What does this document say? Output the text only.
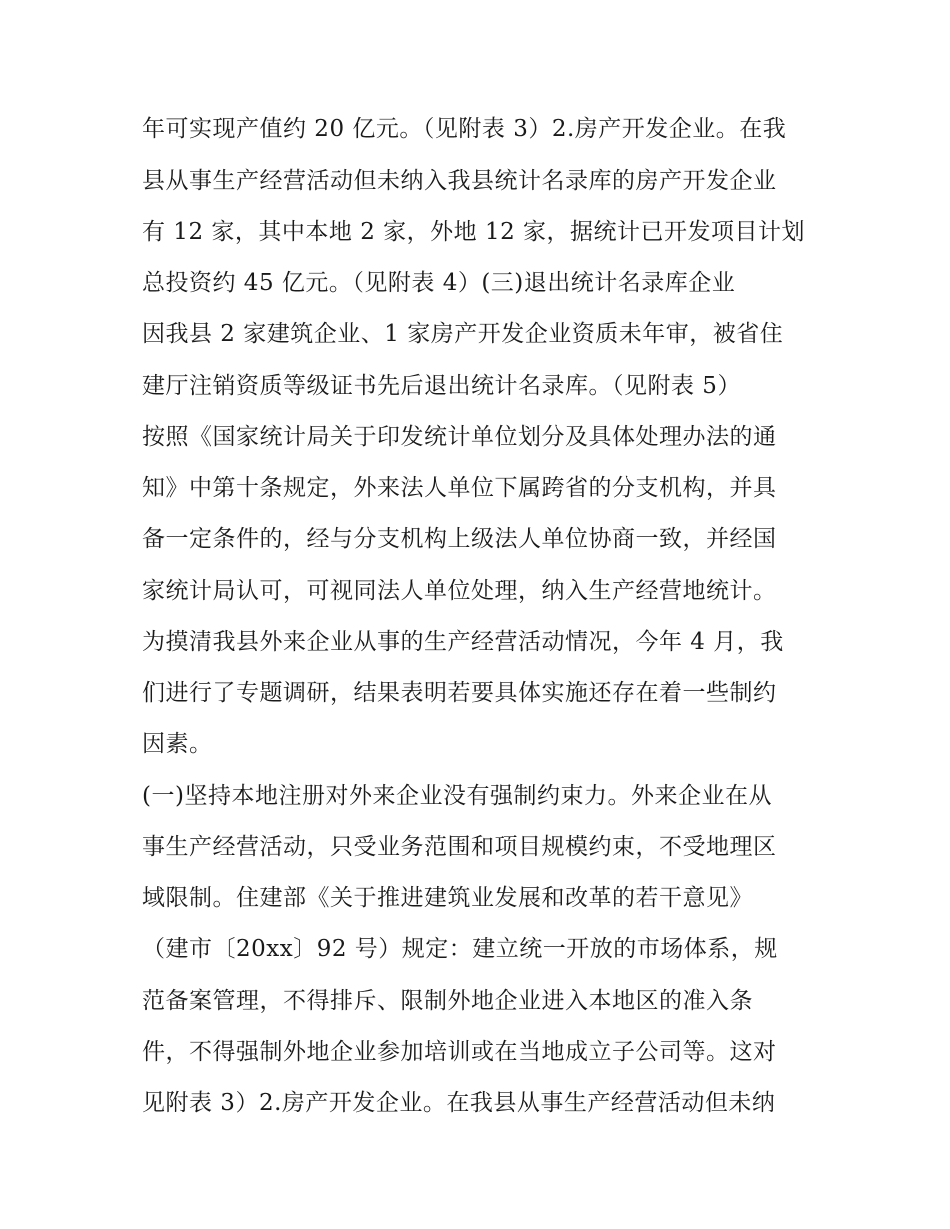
年可实现产值约 20 亿元。（见附表 3）2.房产开发企业。在我
县从事生产经营活动但未纳入我县统计名录库的房产开发企业
有 12 家，其中本地 2 家，外地 12 家，据统计已开发项目计划
总投资约 45 亿元。（见附表 4）(三)退出统计名录库企业
因我县 2 家建筑企业、1 家房产开发企业资质未年审，被省住
建厅注销资质等级证书先后退出统计名录库。（见附表 5）
按照《国家统计局关于印发统计单位划分及具体处理办法的通
知》中第十条规定，外来法人单位下属跨省的分支机构，并具
备一定条件的，经与分支机构上级法人单位协商一致，并经国
家统计局认可，可视同法人单位处理，纳入生产经营地统计。
为摸清我县外来企业从事的生产经营活动情况，今年 4 月，我
们进行了专题调研，结果表明若要具体实施还存在着一些制约
因素。
(一)坚持本地注册对外来企业没有强制约束力。外来企业在从
事生产经营活动，只受业务范围和项目规模约束，不受地理区
域限制。住建部《关于推进建筑业发展和改革的若干意见》
（建市〔20xx〕92 号）规定：建立统一开放的市场体系，规
范备案管理，不得排斥、限制外地企业进入本地区的准入条
件，不得强制外地企业参加培训或在当地成立子公司等。这对
见附表 3）2.房产开发企业。在我县从事生产经营活动但未纳
